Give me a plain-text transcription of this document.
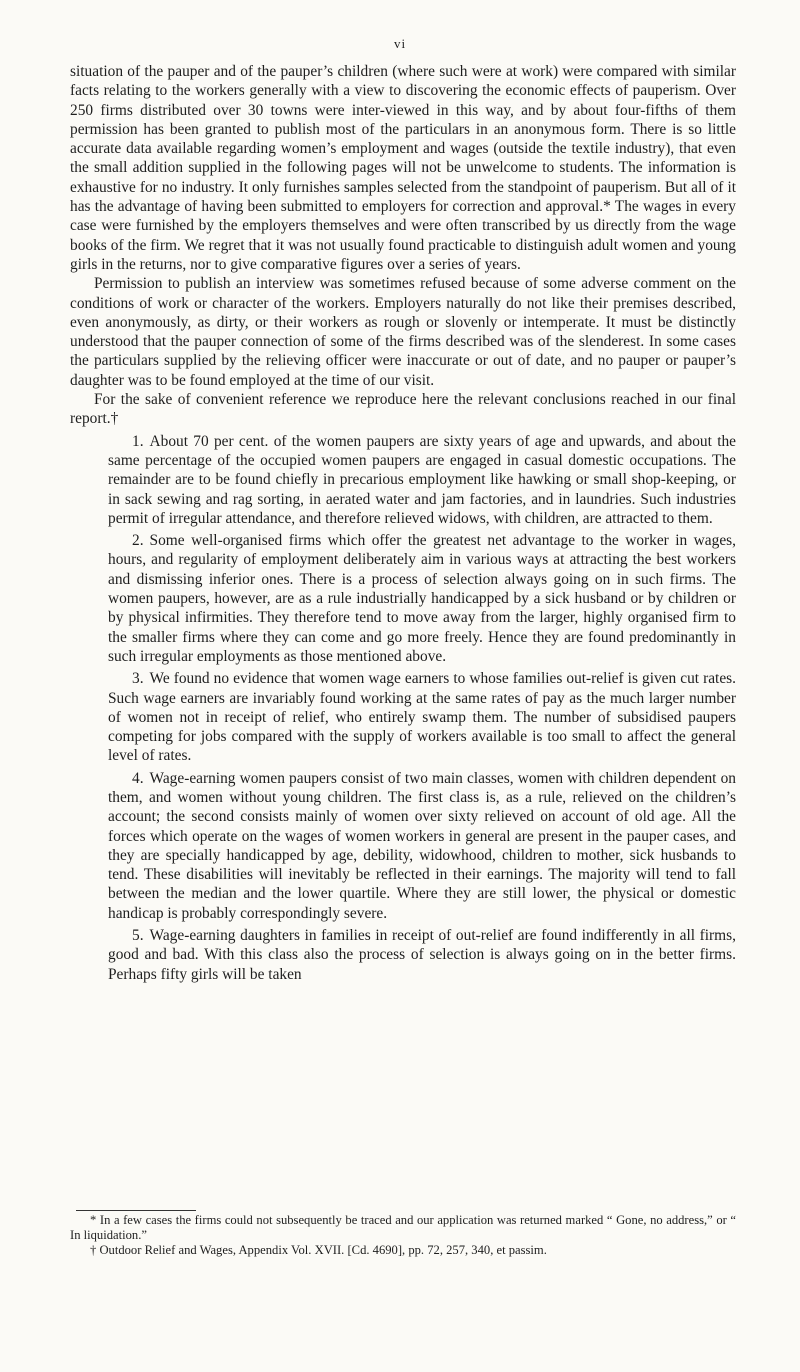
vi

situation of the pauper and of the pauper’s children (where such were at work) were compared with similar facts relating to the workers generally with a view to discovering the economic effects of pauperism. Over 250 firms distributed over 30 towns were inter-viewed in this way, and by about four-fifths of them permission has been granted to publish most of the particulars in an anonymous form. There is so little accurate data available regarding women’s employment and wages (outside the textile industry), that even the small addition supplied in the following pages will not be unwelcome to students. The information is exhaustive for no industry. It only furnishes samples selected from the standpoint of pauperism. But all of it has the advantage of having been submitted to employers for correction and approval.* The wages in every case were furnished by the employers themselves and were often transcribed by us directly from the wage books of the firm. We regret that it was not usually found practicable to distinguish adult women and young girls in the returns, nor to give comparative figures over a series of years.

Permission to publish an interview was sometimes refused because of some adverse comment on the conditions of work or character of the workers. Employers naturally do not like their premises described, even anonymously, as dirty, or their workers as rough or slovenly or intemperate. It must be distinctly understood that the pauper connection of some of the firms described was of the slenderest. In some cases the particulars supplied by the relieving officer were inaccurate or out of date, and no pauper or pauper’s daughter was to be found employed at the time of our visit.

For the sake of convenient reference we reproduce here the relevant conclusions reached in our final report.†

1. About 70 per cent. of the women paupers are sixty years of age and upwards, and about the same percentage of the occupied women paupers are engaged in casual domestic occupations. The remainder are to be found chiefly in precarious employment like hawking or small shop-keeping, or in sack sewing and rag sorting, in aerated water and jam factories, and in laundries. Such industries permit of irregular attendance, and therefore relieved widows, with children, are attracted to them.
2. Some well-organised firms which offer the greatest net advantage to the worker in wages, hours, and regularity of employment deliberately aim in various ways at attracting the best workers and dismissing inferior ones. There is a process of selection always going on in such firms. The women paupers, however, are as a rule industrially handicapped by a sick husband or by children or by physical infirmities. They therefore tend to move away from the larger, highly organised firm to the smaller firms where they can come and go more freely. Hence they are found predominantly in such irregular employments as those mentioned above.
3. We found no evidence that women wage earners to whose families out-relief is given cut rates. Such wage earners are invariably found working at the same rates of pay as the much larger number of women not in receipt of relief, who entirely swamp them. The number of subsidised paupers competing for jobs compared with the supply of workers available is too small to affect the general level of rates.
4. Wage-earning women paupers consist of two main classes, women with children dependent on them, and women without young children. The first class is, as a rule, relieved on the children’s account; the second consists mainly of women over sixty relieved on account of old age. All the forces which operate on the wages of women workers in general are present in the pauper cases, and they are specially handicapped by age, debility, widowhood, children to mother, sick husbands to tend. These disabilities will inevitably be reflected in their earnings. The majority will tend to fall between the median and the lower quartile. Where they are still lower, the physical or domestic handicap is probably correspondingly severe.
5. Wage-earning daughters in families in receipt of out-relief are found indifferently in all firms, good and bad. With this class also the process of selection is always going on in the better firms. Perhaps fifty girls will be taken

* In a few cases the firms could not subsequently be traced and our application was returned marked “ Gone, no address,” or “ In liquidation.”

† Outdoor Relief and Wages, Appendix Vol. XVII. [Cd. 4690], pp. 72, 257, 340, et passim.
